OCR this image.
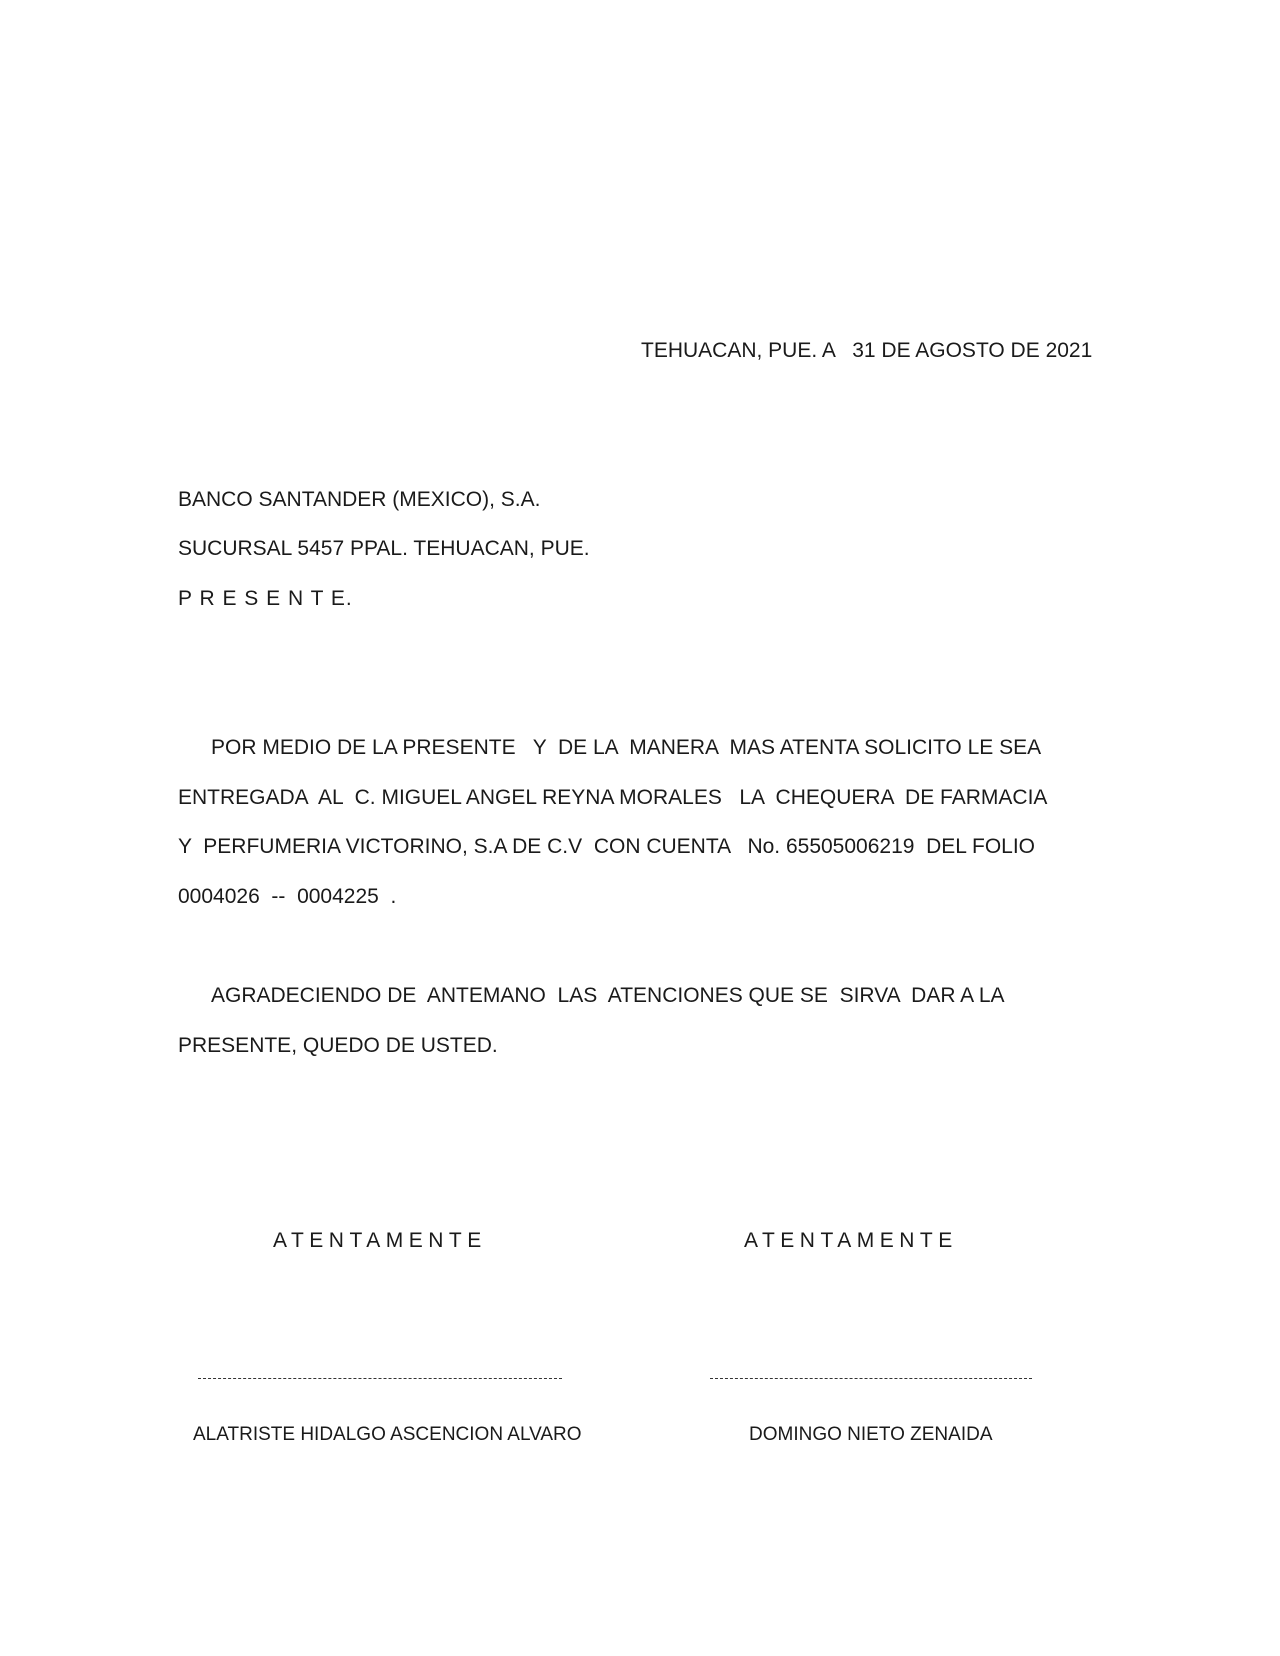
TEHUACAN, PUE. A   31 DE AGOSTO DE 2021
BANCO SANTANDER (MEXICO), S.A.
SUCURSAL 5457 PPAL. TEHUACAN, PUE.
P R E S E N T E.
POR MEDIO DE LA PRESENTE   Y  DE LA  MANERA  MAS ATENTA SOLICITO LE SEA
ENTREGADA  AL  C. MIGUEL ANGEL REYNA MORALES   LA  CHEQUERA  DE FARMACIA
Y  PERFUMERIA VICTORINO, S.A DE C.V  CON CUENTA   No. 65505006219  DEL FOLIO
0004026  --  0004225  .
AGRADECIENDO DE  ANTEMANO  LAS  ATENCIONES QUE SE  SIRVA  DAR A LA
PRESENTE, QUEDO DE USTED.
ATENTAMENTE	ATENTAMENTE
ALATRISTE HIDALGO ASCENCION ALVARO	DOMINGO NIETO ZENAIDA
